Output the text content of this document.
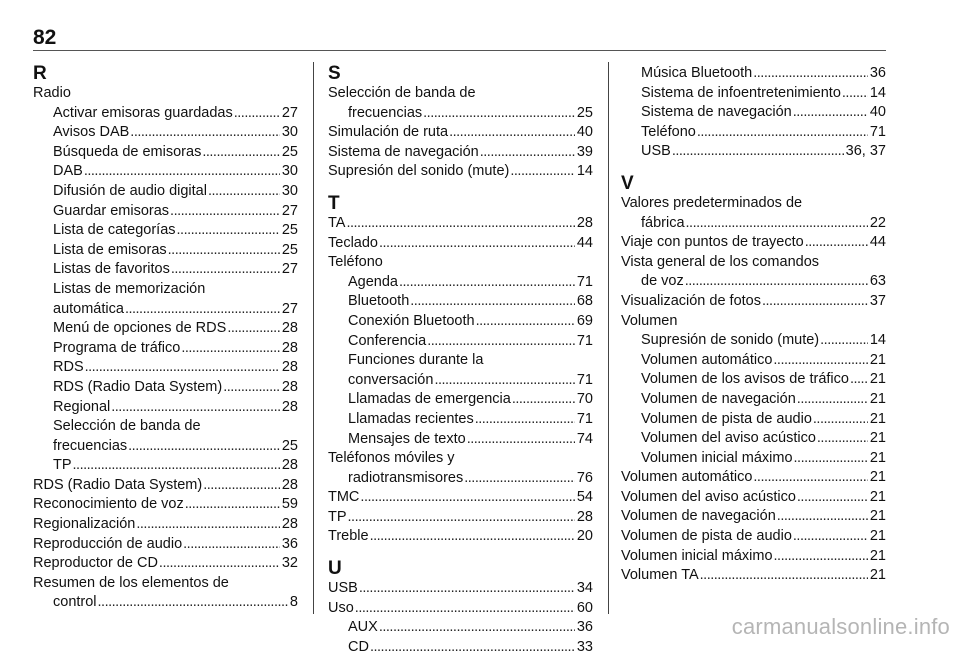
82
R
Radio
Activar emisoras guardadas .....	27
Avisos DAB .....	30
Búsqueda de emisoras .....	25
DAB .....	30
Difusión de audio digital .....	30
Guardar emisoras .....	27
Lista de categorías .....	25
Lista de emisoras .....	25
Listas de favoritos .....	27
Listas de memorización
automática .....	27
Menú de opciones de RDS .....	28
Programa de tráfico .....	28
RDS .....	28
RDS (Radio Data System) .....	28
Regional .....	28
Selección de banda de
frecuencias .....	25
TP .....	28
RDS (Radio Data System) .....	28
Reconocimiento de voz .....	59
Regionalización .....	28
Reproducción de audio .....	36
Reproductor de CD .....	32
Resumen de los elementos de
control .....	8
S
Selección de banda de
frecuencias .....	25
Simulación de ruta .....	40
Sistema de navegación .....	39
Supresión del sonido (mute) .....	14
T
TA .....	28
Teclado .....	44
Teléfono
Agenda .....	71
Bluetooth .....	68
Conexión Bluetooth .....	69
Conferencia .....	71
Funciones durante la
conversación .....	71
Llamadas de emergencia .....	70
Llamadas recientes .....	71
Mensajes de texto .....	74
Teléfonos móviles y
radiotransmisores .....	76
TMC .....	54
TP .....	28
Treble .....	20
U
USB .....	34
Uso .....	60
AUX .....	36
CD .....	33
Música Bluetooth .....	36
Sistema de infoentretenimiento ..... 14
Sistema de navegación .....	40
Teléfono .....	71
USB .....	36, 37
V
Valores predeterminados de
fábrica .....	22
Viaje con puntos de trayecto .....	44
Vista general de los comandos
de voz .....	63
Visualización de fotos .....	37
Volumen
Supresión de sonido (mute) .....	14
Volumen automático .....	21
Volumen de los avisos de tráfico ..... 21
Volumen de navegación .....	21
Volumen de pista de audio .....	21
Volumen del aviso acústico .....	21
Volumen inicial máximo .....	21
Volumen automático .....	21
Volumen del aviso acústico .....	21
Volumen de navegación .....	21
Volumen de pista de audio .....	21
Volumen inicial máximo .....	21
Volumen TA .....	21
carmanualsonline.info
